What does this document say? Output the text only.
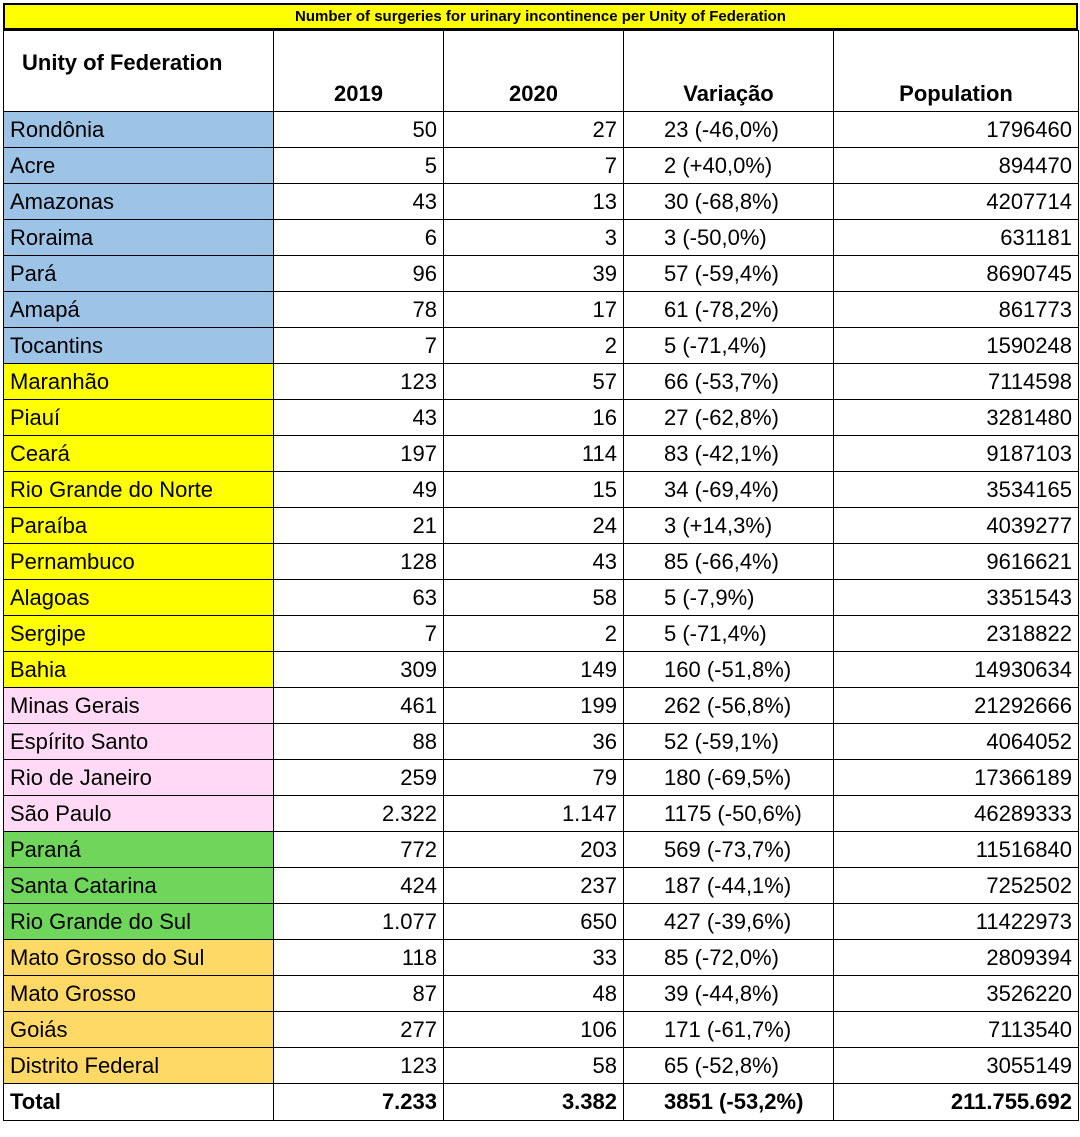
Number of surgeries for urinary incontinence per Unity of Federation
Unity of Federation	2019	2020	Variação	Population
Rondônia	50	27	23 (-46,0%)	1796460
Acre	5	7	2 (+40,0%)	894470
Amazonas	43	13	30 (-68,8%)	4207714
Roraima	6	3	3 (-50,0%)	631181
Pará	96	39	57 (-59,4%)	8690745
Amapá	78	17	61 (-78,2%)	861773
Tocantins	7	2	5 (-71,4%)	1590248
Maranhão	123	57	66 (-53,7%)	7114598
Piauí	43	16	27 (-62,8%)	3281480
Ceará	197	114	83 (-42,1%)	9187103
Rio Grande do Norte	49	15	34 (-69,4%)	3534165
Paraíba	21	24	3 (+14,3%)	4039277
Pernambuco	128	43	85 (-66,4%)	9616621
Alagoas	63	58	5 (-7,9%)	3351543
Sergipe	7	2	5 (-71,4%)	2318822
Bahia	309	149	160 (-51,8%)	14930634
Minas Gerais	461	199	262 (-56,8%)	21292666
Espírito Santo	88	36	52 (-59,1%)	4064052
Rio de Janeiro	259	79	180 (-69,5%)	17366189
São Paulo	2.322	1.147	1175 (-50,6%)	46289333
Paraná	772	203	569 (-73,7%)	11516840
Santa Catarina	424	237	187 (-44,1%)	7252502
Rio Grande do Sul	1.077	650	427 (-39,6%)	11422973
Mato Grosso do Sul	118	33	85 (-72,0%)	2809394
Mato Grosso	87	48	39 (-44,8%)	3526220
Goiás	277	106	171 (-61,7%)	7113540
Distrito Federal	123	58	65 (-52,8%)	3055149
Total	7.233	3.382	3851 (-53,2%)	211.755.692
